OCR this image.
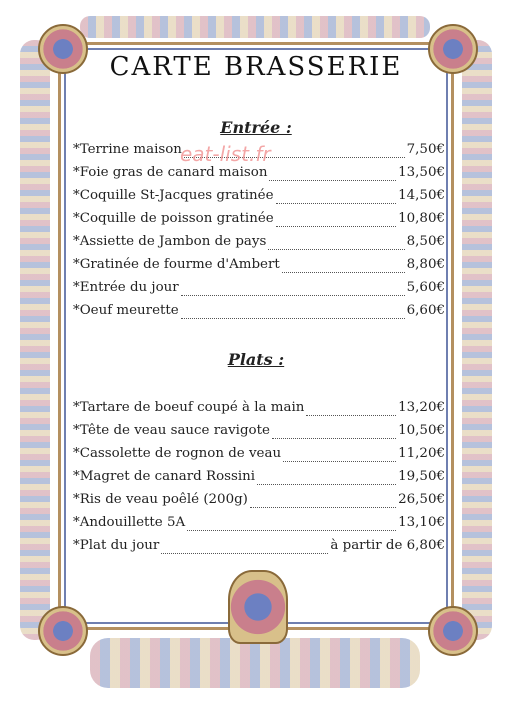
CARTE BRASSERIE
Entrée :
*Terrine maison	7,50€
*Foie gras de canard maison	13,50€
*Coquille St-Jacques gratinée	14,50€
*Coquille de poisson gratinée	10,80€
*Assiette de Jambon de pays	8,50€
*Gratinée de fourme d'Ambert	8,80€
*Entrée du jour	5,60€
*Oeuf meurette	6,60€
eat-list.fr
Plats :
*Tartare de boeuf coupé à la main	13,20€
*Tête de veau sauce ravigote	10,50€
*Cassolette de rognon de veau	11,20€
*Magret de canard Rossini	19,50€
*Ris de veau poêlé (200g)	26,50€
*Andouillette 5A	13,10€
*Plat du jour	à partir de 6,80€
